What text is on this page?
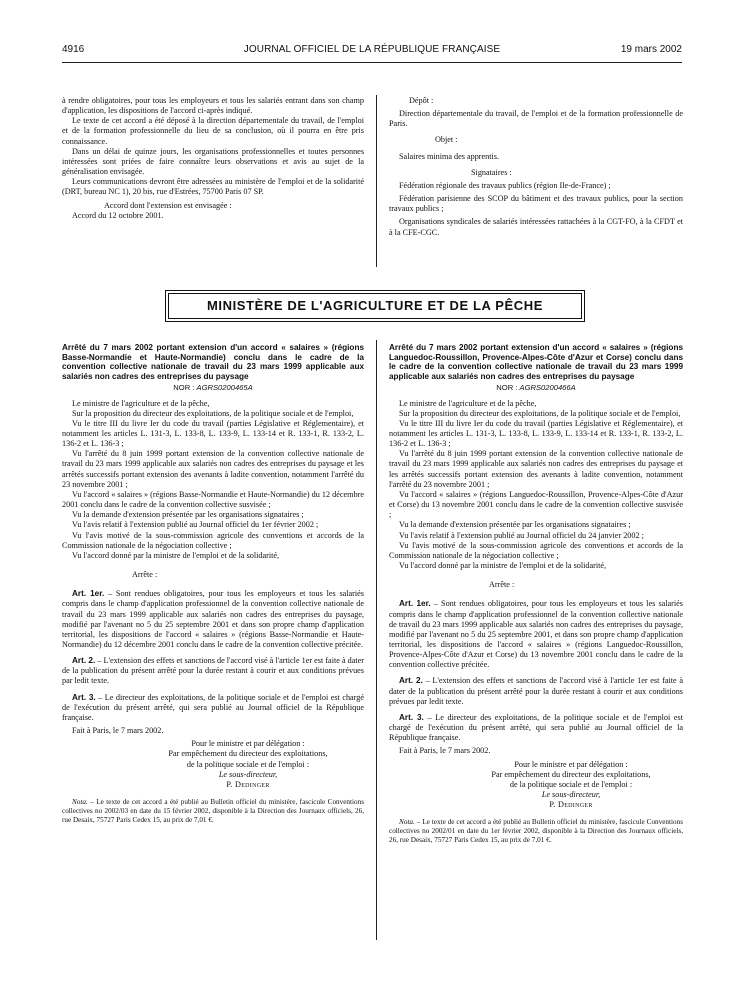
4916	JOURNAL OFFICIEL DE LA RÉPUBLIQUE FRANÇAISE	19 mars 2002

à rendre obligatoires, pour tous les employeurs et tous les salariés entrant dans son champ d'application, les dispositions de l'accord ci-après indiqué.

Le texte de cet accord a été déposé à la direction départementale du travail, de l'emploi et de la formation professionnelle du lieu de sa conclusion, où il pourra en être pris connaissance.

Dans un délai de quinze jours, les organisations professionnelles et toutes personnes intéressées sont priées de faire connaître leurs observations et avis au sujet de la généralisation envisagée.

Leurs communications devront être adressées au ministère de l'emploi et de la solidarité (DRT, bureau NC 1), 20 bis, rue d'Estrées, 75700 Paris 07 SP.

Accord dont l'extension est envisagée :

Accord du 12 octobre 2001.

Dépôt :

Direction départementale du travail, de l'emploi et de la formation professionnelle de Paris.

Objet :

Salaires minima des apprentis.

Signataires :

Fédération régionale des travaux publics (région Ile-de-France) ;

Fédération parisienne des SCOP du bâtiment et des travaux publics, pour la section travaux publics ;

Organisations syndicales de salariés intéressées rattachées à la CGT-FO, à la CFDT et à la CFE-CGC.

MINISTÈRE DE L'AGRICULTURE ET DE LA PÊCHE
Arrêté du 7 mars 2002 portant extension d'un accord « salaires » (régions Basse-Normandie et Haute-Normandie) conclu dans le cadre de la convention collective nationale de travail du 23 mars 1999 applicable aux salariés non cadres des entreprises du paysage
NOR : AGRS0200465A

Le ministre de l'agriculture et de la pêche,

Sur la proposition du directeur des exploitations, de la politique sociale et de l'emploi,

Vu le titre III du livre Ier du code du travail (parties Législative et Réglementaire), et notamment les articles L. 131-3, L. 133-8, L. 133-9, L. 133-14 et R. 133-1, R. 133-2, L. 136-2 et L. 136-3 ;

Vu l'arrêté du 8 juin 1999 portant extension de la convention collective nationale de travail du 23 mars 1999 applicable aux salariés non cadres des entreprises du paysage et les arrêtés successifs portant extension des avenants à ladite convention, notamment l'arrêté du 23 novembre 2001 ;

Vu l'accord « salaires » (régions Basse-Normandie et Haute-Normandie) du 12 décembre 2001 conclu dans le cadre de la convention collective susvisée ;

Vu la demande d'extension présentée par les organisations signataires ;

Vu l'avis relatif à l'extension publié au Journal officiel du 1er février 2002 ;

Vu l'avis motivé de la sous-commission agricole des conventions et accords de la Commission nationale de la négociation collective ;

Vu l'accord donné par la ministre de l'emploi et de la solidarité,

Arrête :

Art. 1er. – Sont rendues obligatoires, pour tous les employeurs et tous les salariés compris dans le champ d'application professionnel de la convention collective nationale de travail du 23 mars 1999 applicable aux salariés non cadres des entreprises du paysage, modifié par l'avenant no 5 du 25 septembre 2001 et dans son propre champ d'application territorial, les dispositions de l'accord « salaires » (régions Basse-Normandie et Haute-Normandie) du 12 décembre 2001 conclu dans le cadre de la convention collective précitée.

Art. 2. – L'extension des effets et sanctions de l'accord visé à l'article 1er est faite à dater de la publication du présent arrêté pour la durée restant à courir et aux conditions prévues par ledit texte.

Art. 3. – Le directeur des exploitations, de la politique sociale et de l'emploi est chargé de l'exécution du présent arrêté, qui sera publié au Journal officiel de la République française.

Fait à Paris, le 7 mars 2002.

Pour le ministre et par délégation :

Par empêchement du directeur des exploitations,

de la politique sociale et de l'emploi :

Le sous-directeur,

P. Dedinger

Nota. – Le texte de cet accord a été publié au Bulletin officiel du ministère, fascicule Conventions collectives no 2002/03 en date du 15 février 2002, disponible à la Direction des Journaux officiels, 26, rue Desaix, 75727 Paris Cedex 15, au prix de 7,01 €.

Arrêté du 7 mars 2002 portant extension d'un accord « salaires » (régions Languedoc-Roussillon, Provence-Alpes-Côte d'Azur et Corse) conclu dans le cadre de la convention collective nationale de travail du 23 mars 1999 applicable aux salariés non cadres des entreprises du paysage
NOR : AGRS0200466A

Le ministre de l'agriculture et de la pêche,

Sur la proposition du directeur des exploitations, de la politique sociale et de l'emploi,

Vu le titre III du livre Ier du code du travail (parties Législative et Réglementaire), et notamment les articles L. 131-3, L. 133-8, L. 133-9, L. 133-14 et R. 133-1, R. 133-2, L. 136-2 et L. 136-3 ;

Vu l'arrêté du 8 juin 1999 portant extension de la convention collective nationale de travail du 23 mars 1999 applicable aux salariés non cadres des entreprises du paysage et les arrêtés successifs portant extension des avenants à ladite convention, notamment l'arrêté du 23 novembre 2001 ;

Vu l'accord « salaires » (régions Languedoc-Roussillon, Provence-Alpes-Côte d'Azur et Corse) du 13 novembre 2001 conclu dans le cadre de la convention collective susvisée ;

Vu la demande d'extension présentée par les organisations signataires ;

Vu l'avis relatif à l'extension publié au Journal officiel du 24 janvier 2002 ;

Vu l'avis motivé de la sous-commission agricole des conventions et accords de la Commission nationale de la négociation collective ;

Vu l'accord donné par la ministre de l'emploi et de la solidarité,

Arrête :

Art. 1er. – Sont rendues obligatoires, pour tous les employeurs et tous les salariés compris dans le champ d'application professionnel de la convention collective nationale de travail du 23 mars 1999 applicable aux salariés non cadres des entreprises du paysage, modifié par l'avenant no 5 du 25 septembre 2001, et dans son propre champ d'application territorial, les dispositions de l'accord « salaires » (régions Languedoc-Roussillon, Provence-Alpes-Côte d'Azur et Corse) du 13 novembre 2001 conclu dans le cadre de la convention collective précitée.

Art. 2. – L'extension des effets et sanctions de l'accord visé à l'article 1er est faite à dater de la publication du présent arrêté pour la durée restant à courir et aux conditions prévues par ledit texte.

Art. 3. – Le directeur des exploitations, de la politique sociale et de l'emploi est chargé de l'exécution du présent arrêté, qui sera publié au Journal officiel de la République française.

Fait à Paris, le 7 mars 2002.

Pour le ministre et par délégation :

Par empêchement du directeur des exploitations,

de la politique sociale et de l'emploi :

Le sous-directeur,

P. Dedinger

Nota. – Le texte de cet accord a été publié au Bulletin officiel du ministère, fascicule Conventions collectives no 2002/01 en date du 1er février 2002, disponible à la Direction des Journaux officiels, 26, rue Desaix, 75727 Paris Cedex 15, au prix de 7,01 €.
